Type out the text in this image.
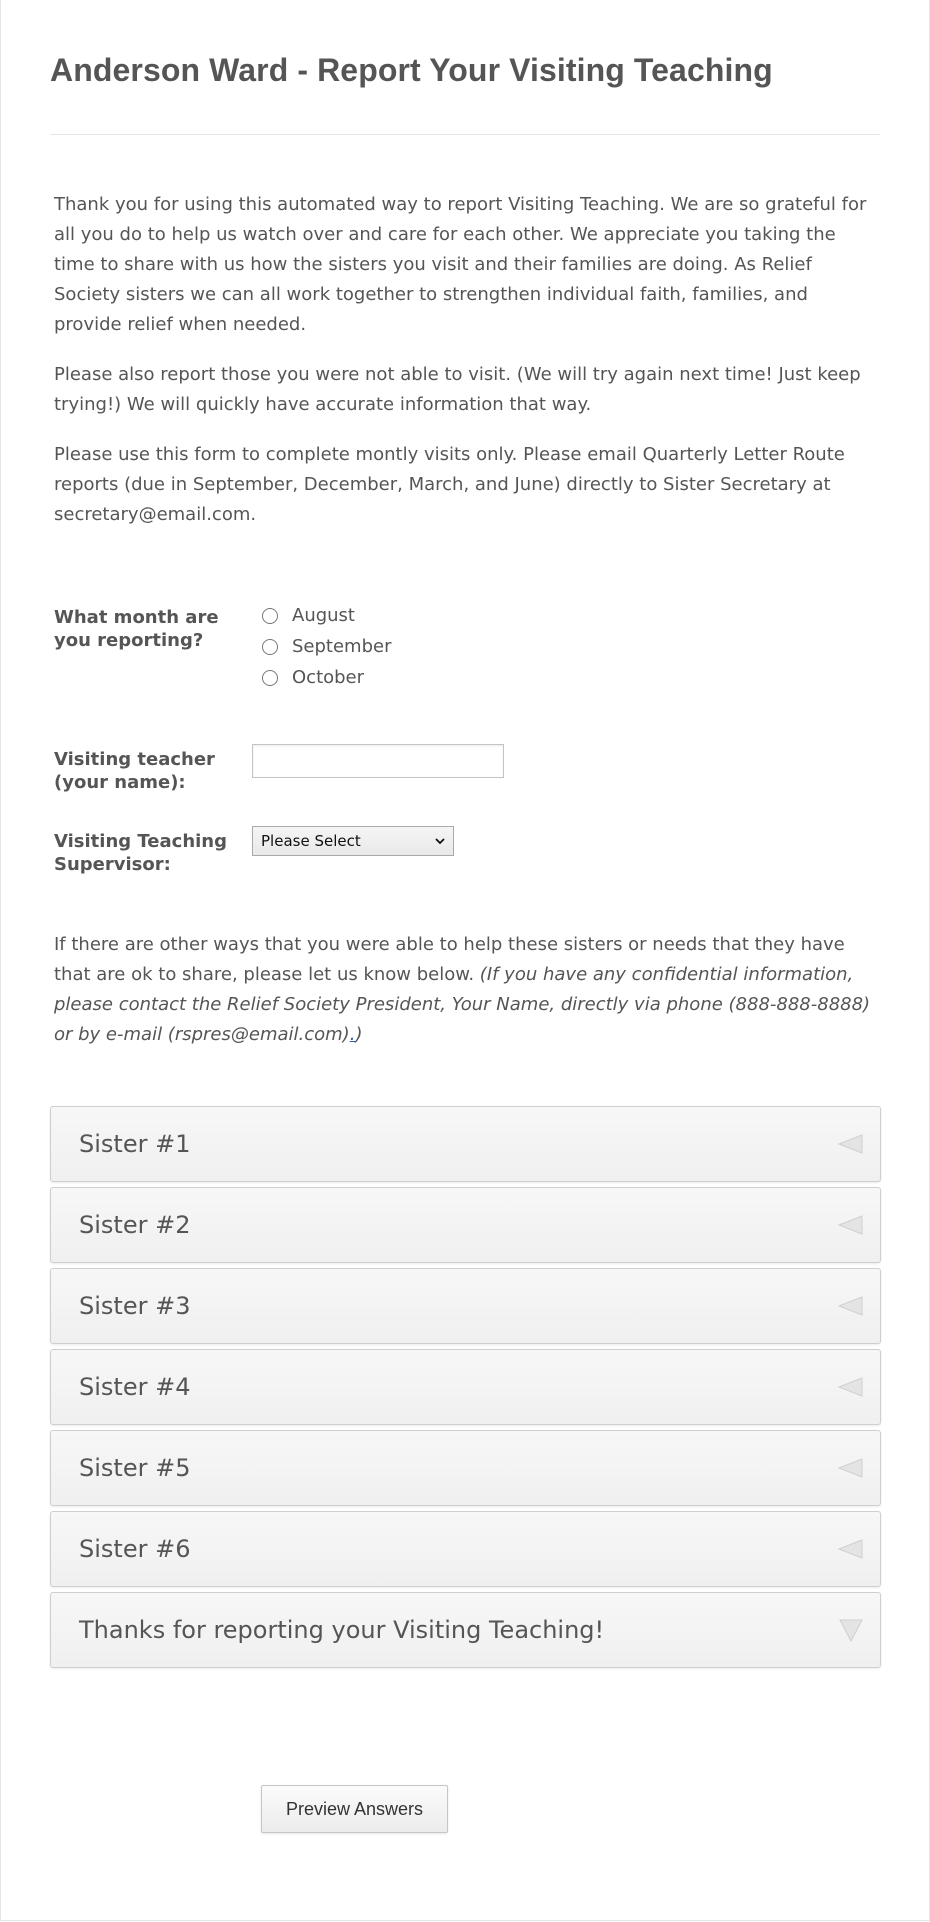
Anderson Ward - Report Your Visiting Teaching

Thank you for using this automated way to report Visiting Teaching. We are so grateful for all you do to help us watch over and care for each other. We appreciate you taking the time to share with us how the sisters you visit and their families are doing. As Relief Society sisters we can all work together to strengthen individual faith, families, and provide relief when needed.

Please also report those you were not able to visit. (We will try again next time! Just keep trying!) We will quickly have accurate information that way.

Please use this form to complete montly visits only. Please email Quarterly Letter Route reports (due in September, December, March, and June) directly to Sister Secretary at secretary@email.com.

What month are you reporting?
August
September
October
Visiting teacher (your name):
Visiting Teaching Supervisor:
Please Select
If there are other ways that you were able to help these sisters or needs that they have that are ok to share, please let us know below. (If you have any confidential information, please contact the Relief Society President, Your Name, directly via phone (888-888-8888) or by e-mail (rspres@email.com).)
Sister #1
Sister #2
Sister #3
Sister #4
Sister #5
Sister #6
Thanks for reporting your Visiting Teaching!
Preview Answers
